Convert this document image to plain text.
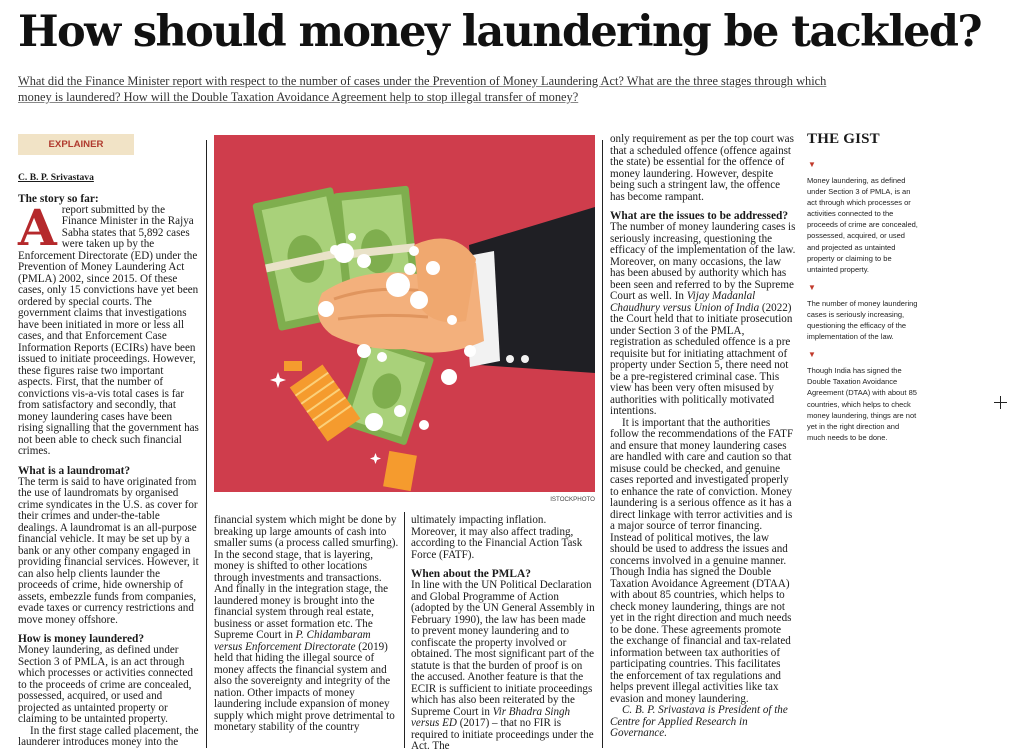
How should money laundering be tackled?

What did the Finance Minister report with respect to the number of cases under the Prevention of Money Laundering Act? What are the three stages through which money is laundered? How will the Double Taxation Avoidance Agreement help to stop illegal transfer of money?

EXPLAINER
C. B. P. Srivastava
The story so far:

Areport submitted by the Finance Minister in the Rajya Sabha states that 5,892 cases were taken up by the Enforcement Directorate (ED) under the Prevention of Money Laundering Act (PMLA) 2002, since 2015. Of these cases, only 15 convictions have yet been ordered by special courts. The government claims that investigations have been initiated in more or less all cases, and that Enforcement Case Information Reports (ECIRs) have been issued to initiate proceedings. However, these figures raise two important aspects. First, that the number of convictions vis-a-vis total cases is far from satisfactory and secondly, that money laundering cases have been rising signalling that the government has not been able to check such financial crimes.

What is a laundromat?

The term is said to have originated from the use of laundromats by organised crime syndicates in the U.S. as cover for their crimes and under-the-table dealings. A laundromat is an all-purpose financial vehicle. It may be set up by a bank or any other company engaged in providing financial services. However, it can also help clients launder the proceeds of crime, hide ownership of assets, embezzle funds from companies, evade taxes or currency restrictions and move money offshore.

How is money laundered?

Money laundering, as defined under Section 3 of PMLA, is an act through which processes or activities connected to the proceeds of crime are concealed, possessed, acquired, or used and projected as untainted property or claiming to be untainted property.

In the first stage called placement, the launderer introduces money into the

ISTOCKPHOTO

financial system which might be done by breaking up large amounts of cash into smaller sums (a process called smurfing). In the second stage, that is layering, money is shifted to other locations through investments and transactions. And finally in the integration stage, the laundered money is brought into the financial system through real estate, business or asset formation etc. The Supreme Court in P. Chidambaram versus Enforcement Directorate (2019) held that hiding the illegal source of money affects the financial system and also the sovereignty and integrity of the nation. Other impacts of money laundering include expansion of money supply which might prove detrimental to monetary stability of the country

ultimately impacting inflation. Moreover, it may also affect trading, according to the Financial Action Task Force (FATF).

When about the PMLA?

In line with the UN Political Declaration and Global Programme of Action (adopted by the UN General Assembly in February 1990), the law has been made to prevent money laundering and to confiscate the property involved or obtained. The most significant part of the statute is that the burden of proof is on the accused. Another feature is that the ECIR is sufficient to initiate proceedings which has also been reiterated by the Supreme Court in Vir Bhadra Singh versus ED (2017) – that no FIR is required to initiate proceedings under the Act. The

only requirement as per the top court was that a scheduled offence (offence against the state) be essential for the offence of money laundering. However, despite being such a stringent law, the offence has become rampant.

What are the issues to be addressed?

The number of money laundering cases is seriously increasing, questioning the efficacy of the implementation of the law. Moreover, on many occasions, the law has been abused by authority which has been seen and referred to by the Supreme Court as well. In Vijay Madanlal Chaudhury versus Union of India (2022) the Court held that to initiate prosecution under Section 3 of the PMLA, registration as scheduled offence is a pre requisite but for initiating attachment of property under Section 5, there need not be a pre-registered criminal case. This view has been very often misused by authorities with politically motivated intentions.

It is important that the authorities follow the recommendations of the FATF and ensure that money laundering cases are handled with care and caution so that misuse could be checked, and genuine cases reported and investigated properly to enhance the rate of conviction. Money laundering is a serious offence as it has a direct linkage with terror activities and is a major source of terror financing. Instead of political motives, the law should be used to address the issues and concerns involved in a genuine manner. Though India has signed the Double Taxation Avoidance Agreement (DTAA) with about 85 countries, which helps to check money laundering, things are not yet in the right direction and much needs to be done. These agreements promote the exchange of financial and tax-related information between tax authorities of participating countries. This facilitates the enforcement of tax regulations and helps prevent illegal activities like tax evasion and money laundering.

C. B. P. Srivastava is President of the Centre for Applied Research in Governance.

THE GIST
▼

Money laundering, as defined under Section 3 of PMLA, is an act through which processes or activities connected to the proceeds of crime are concealed, possessed, acquired, or used and projected as untainted property or claiming to be untainted property.

▼

The number of money laundering cases is seriously increasing, questioning the efficacy of the implementation of the law.

▼

Though India has signed the Double Taxation Avoidance Agreement (DTAA) with about 85 countries, which helps to check money laundering, things are not yet in the right direction and much needs to be done.
